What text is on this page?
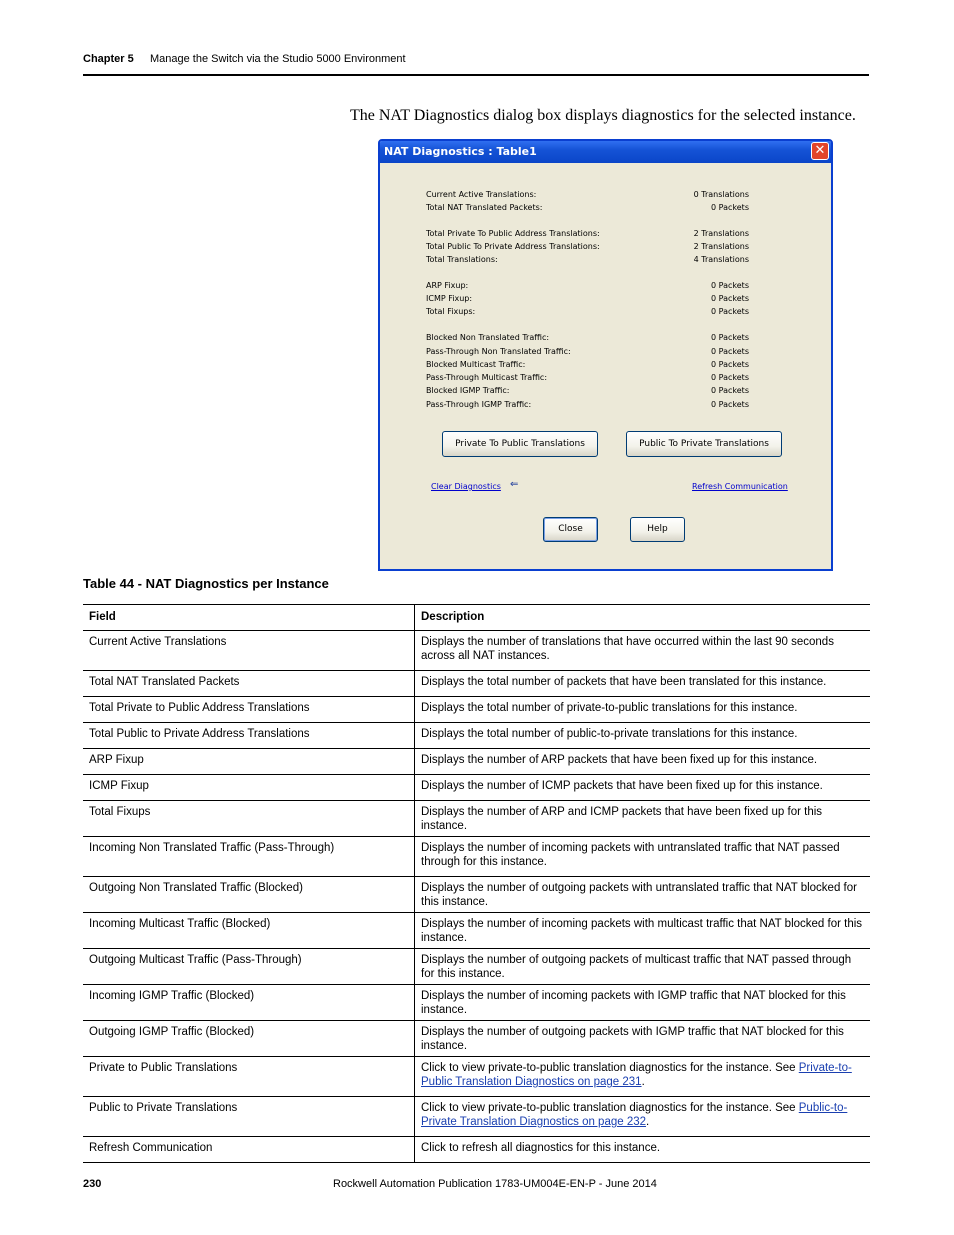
Chapter 5 Manage the Switch via the Studio 5000 Environment
The NAT Diagnostics dialog box displays diagnostics for the selected instance.
NAT Diagnostics : Table1	✕
Current Active Translations:	0 Translations
Total NAT Translated Packets:	0 Packets
Total Private To Public Address Translations:	2 Translations
Total Public To Private Address Translations:	2 Translations
Total Translations:	4 Translations
ARP Fixup:	0 Packets
ICMP Fixup:	0 Packets
Total Fixups:	0 Packets
Blocked Non Translated Traffic:	0 Packets
Pass-Through Non Translated Traffic:	0 Packets
Blocked Multicast Traffic:	0 Packets
Pass-Through Multicast Traffic:	0 Packets
Blocked IGMP Traffic:	0 Packets
Pass-Through IGMP Traffic:	0 Packets
Private To Public Translations	Public To Private Translations
Clear Diagnostics ⇐	Refresh Communication
Close	Help
Table 44 - NAT Diagnostics per Instance
Field	Description
Current Active Translations	Displays the number of translations that have occurred within the last 90 seconds across all NAT instances.
Total NAT Translated Packets	Displays the total number of packets that have been translated for this instance.
Total Private to Public Address Translations	Displays the total number of private-to-public translations for this instance.
Total Public to Private Address Translations	Displays the total number of public-to-private translations for this instance.
ARP Fixup	Displays the number of ARP packets that have been fixed up for this instance.
ICMP Fixup	Displays the number of ICMP packets that have been fixed up for this instance.
Total Fixups	Displays the number of ARP and ICMP packets that have been fixed up for this instance.
Incoming Non Translated Traffic (Pass-Through)	Displays the number of incoming packets with untranslated traffic that NAT passed through for this instance.
Outgoing Non Translated Traffic (Blocked)	Displays the number of outgoing packets with untranslated traffic that NAT blocked for this instance.
Incoming Multicast Traffic (Blocked)	Displays the number of incoming packets with multicast traffic that NAT blocked for this instance.
Outgoing Multicast Traffic (Pass-Through)	Displays the number of outgoing packets of multicast traffic that NAT passed through for this instance.
Incoming IGMP Traffic (Blocked)	Displays the number of incoming packets with IGMP traffic that NAT blocked for this instance.
Outgoing IGMP Traffic (Blocked)	Displays the number of outgoing packets with IGMP traffic that NAT blocked for this instance.
Private to Public Translations	Click to view private-to-public translation diagnostics for the instance. See Private-to-Public Translation Diagnostics on page 231.
Public to Private Translations	Click to view private-to-public translation diagnostics for the instance. See Public-to-Private Translation Diagnostics on page 232.
Refresh Communication	Click to refresh all diagnostics for this instance.
230	Rockwell Automation Publication 1783-UM004E-EN-P - June 2014
